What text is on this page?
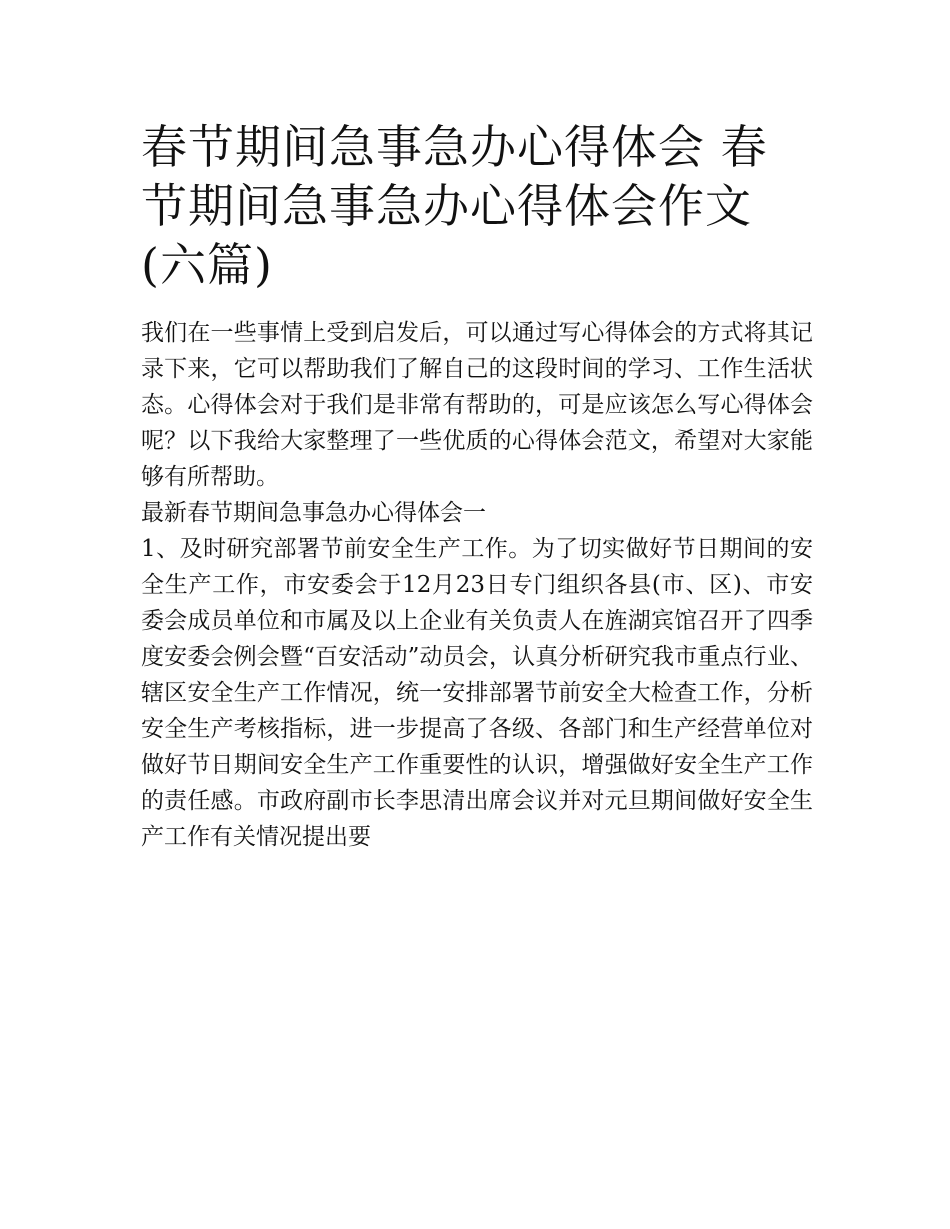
春节期间急事急办心得体会 春节期间急事急办心得体会作文(六篇)

我们在一些事情上受到启发后，可以通过写心得体会的方式将其记录下来，它可以帮助我们了解自己的这段时间的学习、工作生活状态。心得体会对于我们是非常有帮助的，可是应该怎么写心得体会呢？以下我给大家整理了一些优质的心得体会范文，希望对大家能够有所帮助。

最新春节期间急事急办心得体会一

1、及时研究部署节前安全生产工作。为了切实做好节日期间的安全生产工作，市安委会于12月23日专门组织各县(市、区)、市安委会成员单位和市属及以上企业有关负责人在旌湖宾馆召开了四季度安委会例会暨“百安活动”动员会，认真分析研究我市重点行业、辖区安全生产工作情况，统一安排部署节前安全大检查工作，分析安全生产考核指标，进一步提高了各级、各部门和生产经营单位对做好节日期间安全生产工作重要性的认识，增强做好安全生产工作的责任感。市政府副市长李思清出席会议并对元旦期间做好安全生产工作有关情况提出要
